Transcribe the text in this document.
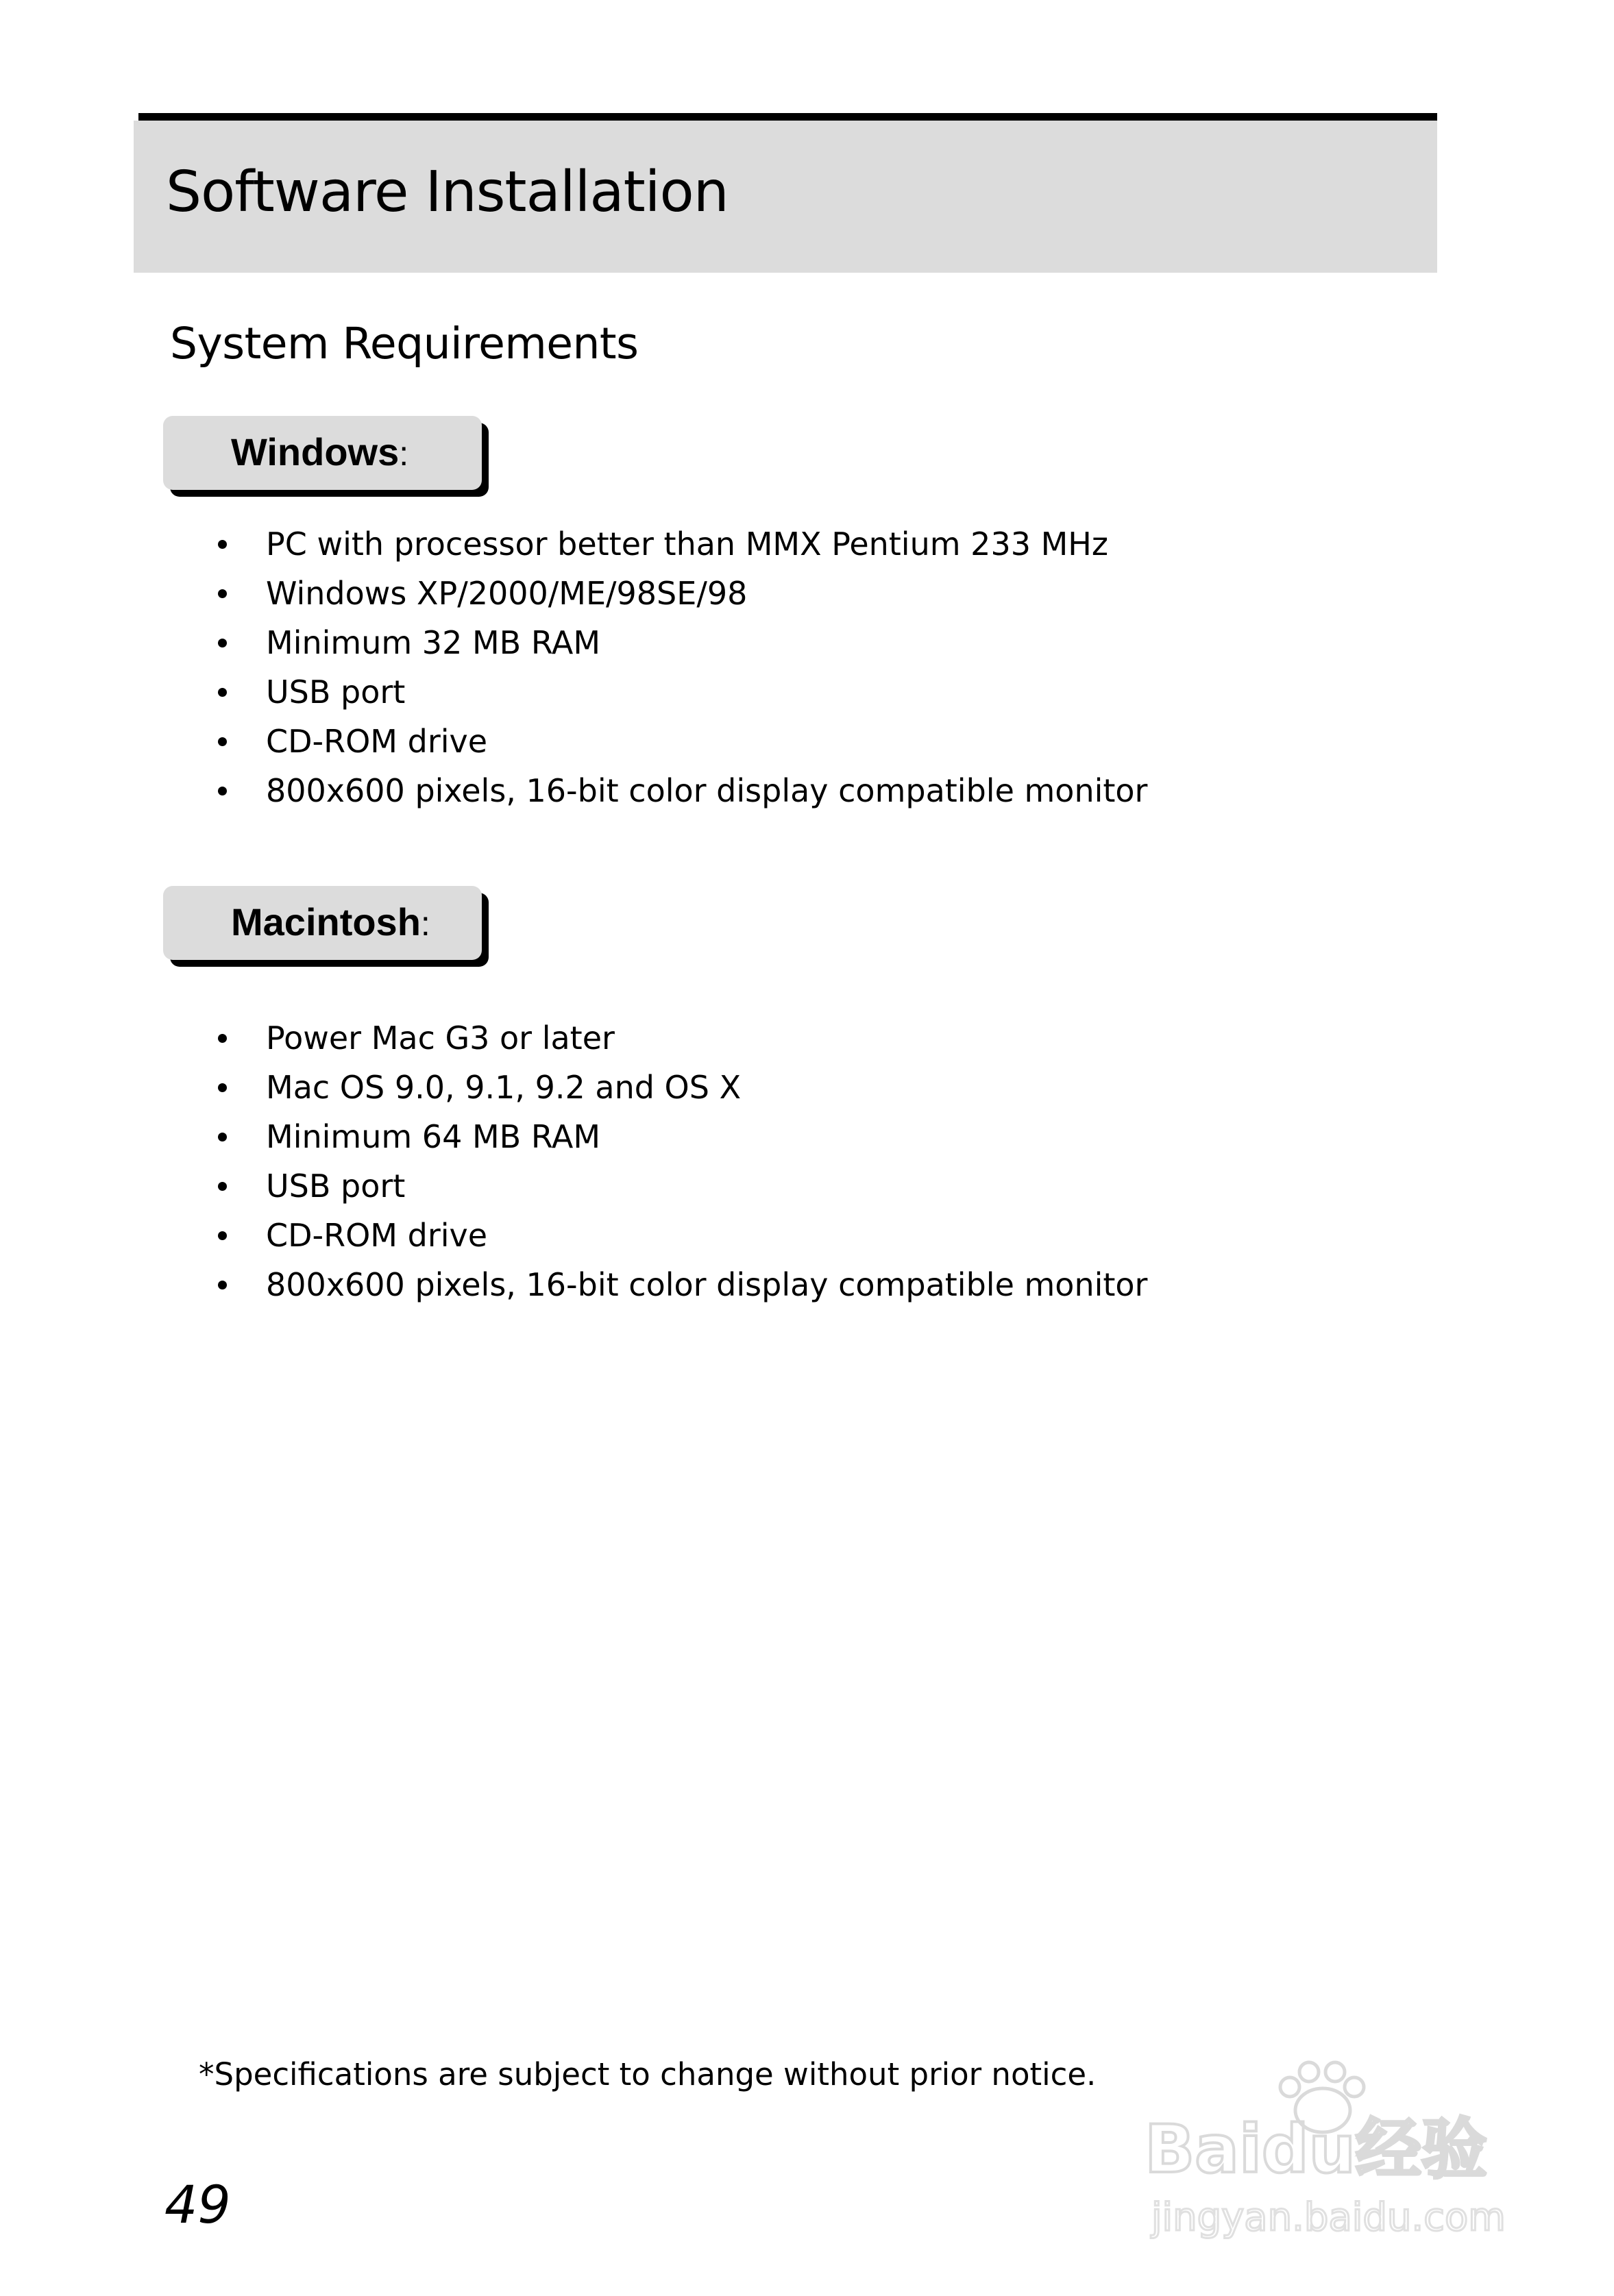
Software Installation
System Requirements
Windows:
PC with processor better than MMX Pentium 233 MHz
Windows XP/2000/ME/98SE/98
Minimum 32 MB RAM
USB port
CD-ROM drive
800x600 pixels, 16-bit color display compatible monitor
Macintosh:
Power Mac G3 or later
Mac OS 9.0, 9.1, 9.2 and OS X
Minimum 64 MB RAM
USB port
CD-ROM drive
800x600 pixels, 16-bit color display compatible monitor
*Specifications are subject to change without prior notice.
49
Baidu经验
jingyan.baidu.com
